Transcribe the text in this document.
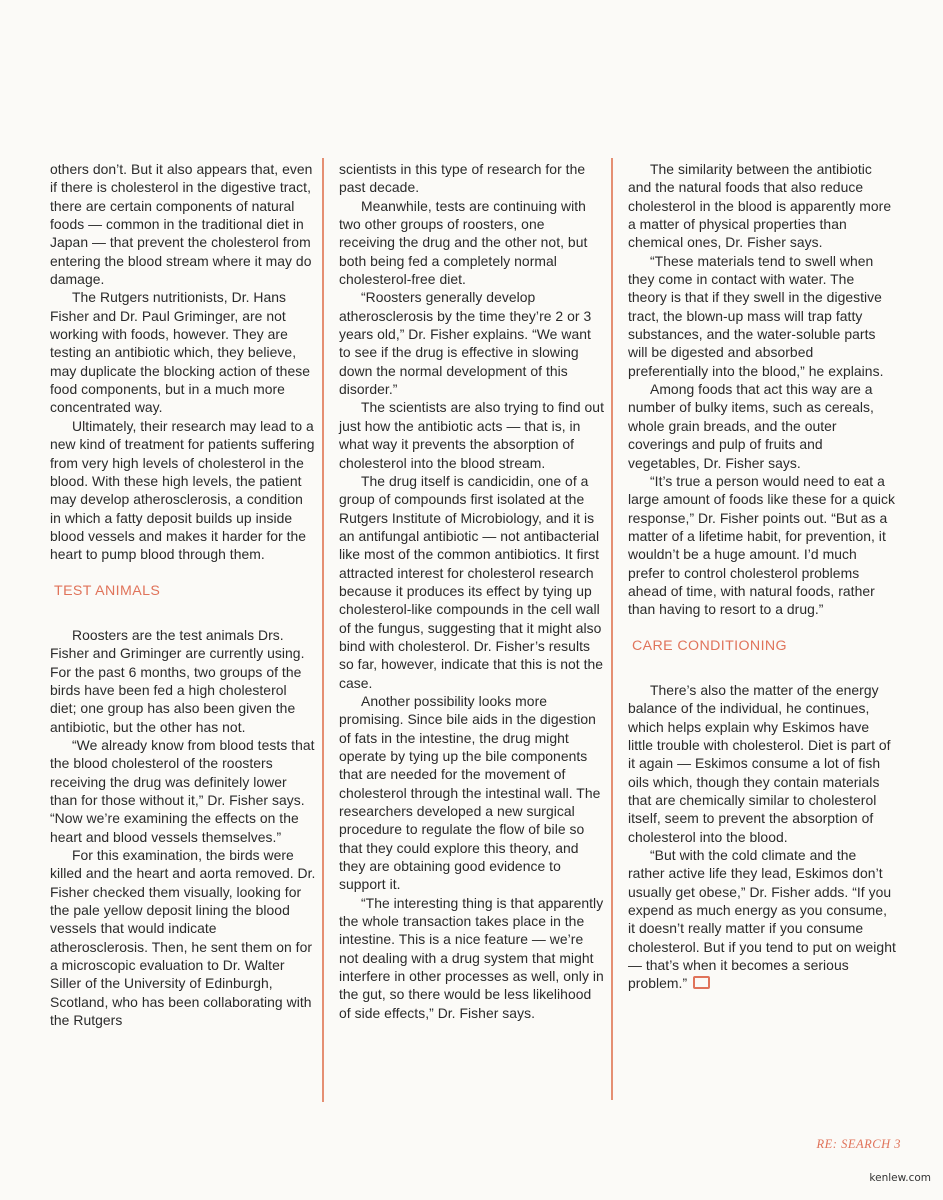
others don’t. But it also appears that, even if there is cholesterol in the digestive tract, there are certain components of natural foods — common in the traditional diet in Japan — that prevent the cholesterol from entering the blood stream where it may do damage.

The Rutgers nutritionists, Dr. Hans Fisher and Dr. Paul Griminger, are not working with foods, however. They are testing an antibiotic which, they believe, may duplicate the blocking action of these food components, but in a much more concentrated way.

Ultimately, their research may lead to a new kind of treatment for patients suffering from very high levels of cholesterol in the blood. With these high levels, the patient may develop atherosclerosis, a condition in which a fatty deposit builds up inside blood vessels and makes it harder for the heart to pump blood through them.

TEST ANIMALS

Roosters are the test animals Drs. Fisher and Griminger are currently using. For the past 6 months, two groups of the birds have been fed a high cholesterol diet; one group has also been given the antibiotic, but the other has not.

“We already know from blood tests that the blood cholesterol of the roosters receiving the drug was definitely lower than for those without it,” Dr. Fisher says. “Now we’re examining the effects on the heart and blood vessels themselves.”

For this examination, the birds were killed and the heart and aorta removed. Dr. Fisher checked them visually, looking for the pale yellow deposit lining the blood vessels that would indicate atherosclerosis. Then, he sent them on for a microscopic evaluation to Dr. Walter Siller of the University of Edinburgh, Scotland, who has been collaborating with the Rutgers

scientists in this type of research for the past decade.

Meanwhile, tests are continuing with two other groups of roosters, one receiving the drug and the other not, but both being fed a completely normal cholesterol-free diet.

“Roosters generally develop atherosclerosis by the time they’re 2 or 3 years old,” Dr. Fisher explains. “We want to see if the drug is effective in slowing down the normal development of this disorder.”

The scientists are also trying to find out just how the antibiotic acts — that is, in what way it prevents the absorption of cholesterol into the blood stream.

The drug itself is candicidin, one of a group of compounds first isolated at the Rutgers Institute of Microbiology, and it is an antifungal antibiotic — not antibacterial like most of the common antibiotics. It first attracted interest for cholesterol research because it produces its effect by tying up cholesterol-like compounds in the cell wall of the fungus, suggesting that it might also bind with cholesterol. Dr. Fisher’s results so far, however, indicate that this is not the case.

Another possibility looks more promising. Since bile aids in the digestion of fats in the intestine, the drug might operate by tying up the bile components that are needed for the movement of cholesterol through the intestinal wall. The researchers developed a new surgical procedure to regulate the flow of bile so that they could explore this theory, and they are obtaining good evidence to support it.

“The interesting thing is that apparently the whole transaction takes place in the intestine. This is a nice feature — we’re not dealing with a drug system that might interfere in other processes as well, only in the gut, so there would be less likelihood of side effects,” Dr. Fisher says.

The similarity between the antibiotic and the natural foods that also reduce cholesterol in the blood is apparently more a matter of physical properties than chemical ones, Dr. Fisher says.

“These materials tend to swell when they come in contact with water. The theory is that if they swell in the digestive tract, the blown-up mass will trap fatty substances, and the water-soluble parts will be digested and absorbed preferentially into the blood,” he explains.

Among foods that act this way are a number of bulky items, such as cereals, whole grain breads, and the outer coverings and pulp of fruits and vegetables, Dr. Fisher says.

“It’s true a person would need to eat a large amount of foods like these for a quick response,” Dr. Fisher points out. “But as a matter of a lifetime habit, for prevention, it wouldn’t be a huge amount. I’d much prefer to control cholesterol problems ahead of time, with natural foods, rather than having to resort to a drug.”

CARE CONDITIONING

There’s also the matter of the energy balance of the individual, he continues, which helps explain why Eskimos have little trouble with cholesterol. Diet is part of it again — Eskimos consume a lot of fish oils which, though they contain materials that are chemically similar to cholesterol itself, seem to prevent the absorption of cholesterol into the blood.

“But with the cold climate and the rather active life they lead, Eskimos don’t usually get obese,” Dr. Fisher adds. “If you expend as much energy as you consume, it doesn’t really matter if you consume cholesterol. But if you tend to put on weight — that’s when it becomes a serious problem.”

RE: SEARCH 3
kenlew.com
